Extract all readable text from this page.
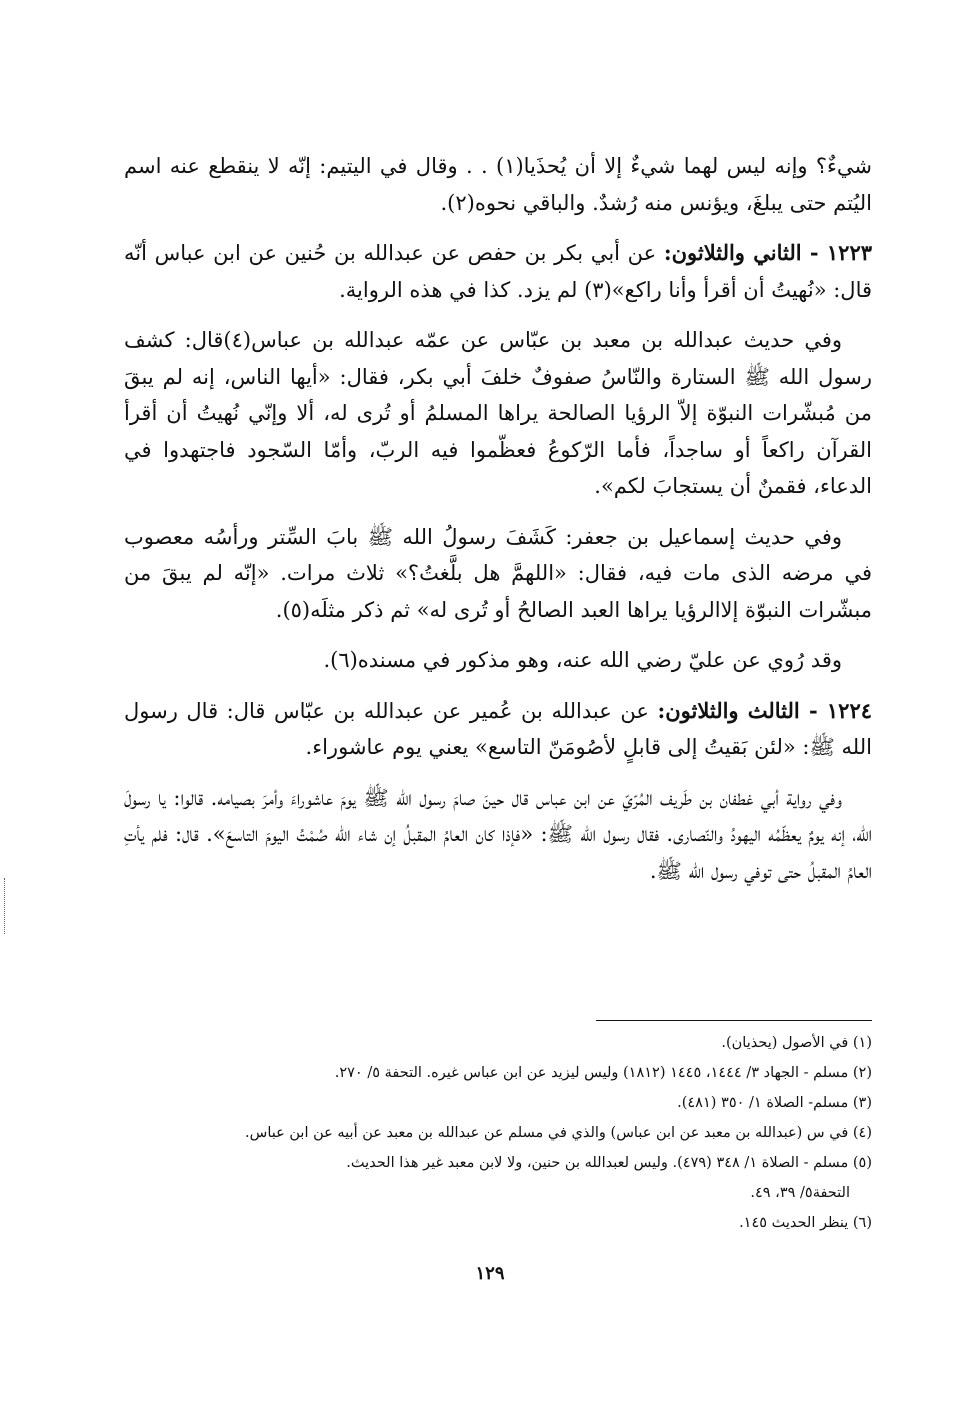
شيءٌ؟ وإنه ليس لهما شيءٌ إلا أن يُحذَيا(١) . . وقال في اليتيم: إنّه لا ينقطع عنه اسم اليُتم حتى يبلغَ، ويؤنس منه رُشدٌ. والباقي نحوه(٢).

١٢٢٣ - الثاني والثلاثون: عن أبي بكر بن حفص عن عبدالله بن حُنين عن ابن عباس أنّه قال: «نُهيتُ أن أقرأ وأنا راكع»(٣) لم يزد. كذا في هذه الرواية.

وفي حديث عبدالله بن معبد بن عبّاس عن عمّه عبدالله بن عباس(٤)قال: كشف رسول الله ﷺ الستارة والنّاسُ صفوفٌ خلفَ أبي بكر، فقال: «أيها الناس، إنه لم يبقَ من مُبشّرات النبوّة إلاّ الرؤيا الصالحة يراها المسلمُ أو تُرى له، ألا وإنّي نُهيتُ أن أقرأ القرآن راكعاً أو ساجداً، فأما الرّكوعُ فعظّموا فيه الربّ، وأمّا السّجود فاجتهدوا في الدعاء، فقمنٌ أن يستجابَ لكم».

وفي حديث إسماعيل بن جعفر: كَشَفَ رسولُ الله ﷺ بابَ السِّتر ورأسُه معصوب في مرضه الذى مات فيه، فقال: «اللهمَّ هل بلَّغتُ؟» ثلاث مرات. «إنّه لم يبقَ من مبشّرات النبوّة إلاالرؤيا يراها العبد الصالحُ أو تُرى له» ثم ذكر مثلَه(٥).

وقد رُوي عن عليّ رضي الله عنه، وهو مذكور في مسنده(٦).

١٢٢٤ - الثالث والثلاثون: عن عبدالله بن عُمير عن عبدالله بن عبّاس قال: قال رسول الله ﷺ: «لئن بَقيتُ إلى قابلٍ لأصُومَنّ التاسع» يعني يوم عاشوراء.

وفي رواية أبي غطفان بن طَريف المُرّيّ عن ابن عباس قال حينَ صامَ رسول الله ﷺ يومَ عاشوراءَ وأمرَ بصيامه. قالوا: يا رسولَ الله، إنه يومٌ يعظّمُه اليهودُ والنّصارى. فقال رسول الله ﷺ: «فإذا كان العامُ المقبلُ إن شاء الله صُمْتُ اليومَ التاسعَ». قال: فلم يأتِ العامُ المقبلُ حتى توفي رسول الله ﷺ.

(١) في الأصول (يحذيان).

(٢) مسلم - الجهاد ٣/ ١٤٤٤، ١٤٤٥ (١٨١٢) وليس ليزيد عن ابن عباس غيره. التحفة ٥/ ٢٧٠.

(٣) مسلم- الصلاة ١/ ٣٥٠ (٤٨١).

(٤) في س (عبدالله بن معبد عن ابن عباس) والذي في مسلم عن عبدالله بن معبد عن أبيه عن ابن عباس.

(٥) مسلم - الصلاة ١/ ٣٤٨ (٤٧٩). وليس لعبدالله بن حنين، ولا لابن معبد غير هذا الحديث.

التحفة٥/ ٣٩، ٤٩.

(٦) ينظر الحديث ١٤٥.

١٢٩
